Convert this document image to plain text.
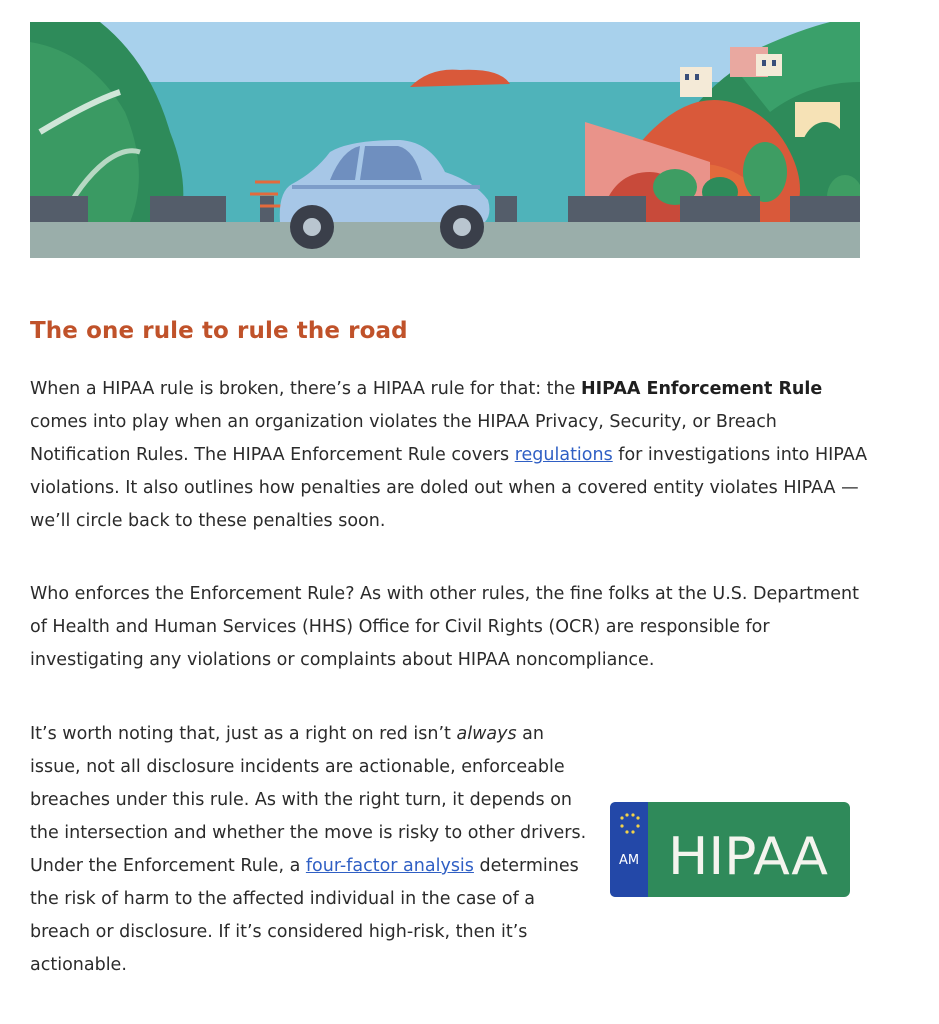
The one rule to rule the road

When a HIPAA rule is broken, there’s a HIPAA rule for that: the HIPAA Enforcement Rule comes into play when an organization violates the HIPAA Privacy, Security, or Breach Notification Rules. The HIPAA Enforcement Rule covers regulations for investigations into HIPAA violations. It also outlines how penalties are doled out when a covered entity violates HIPAA — we’ll circle back to these penalties soon.

Who enforces the Enforcement Rule? As with other rules, the fine folks at the U.S. Department of Health and Human Services (HHS) Office for Civil Rights (OCR) are responsible for investigating any violations or complaints about HIPAA noncompliance.

It’s worth noting that, just as a right on red isn’t always an issue, not all disclosure incidents are actionable, enforceable breaches under this rule. As with the right turn, it depends on the intersection and whether the move is risky to other drivers. Under the Enforcement Rule, a four-factor analysis determines the risk of harm to the affected individual in the case of a breach or disclosure. If it’s considered high-risk, then it’s actionable.

AM HIPAA
